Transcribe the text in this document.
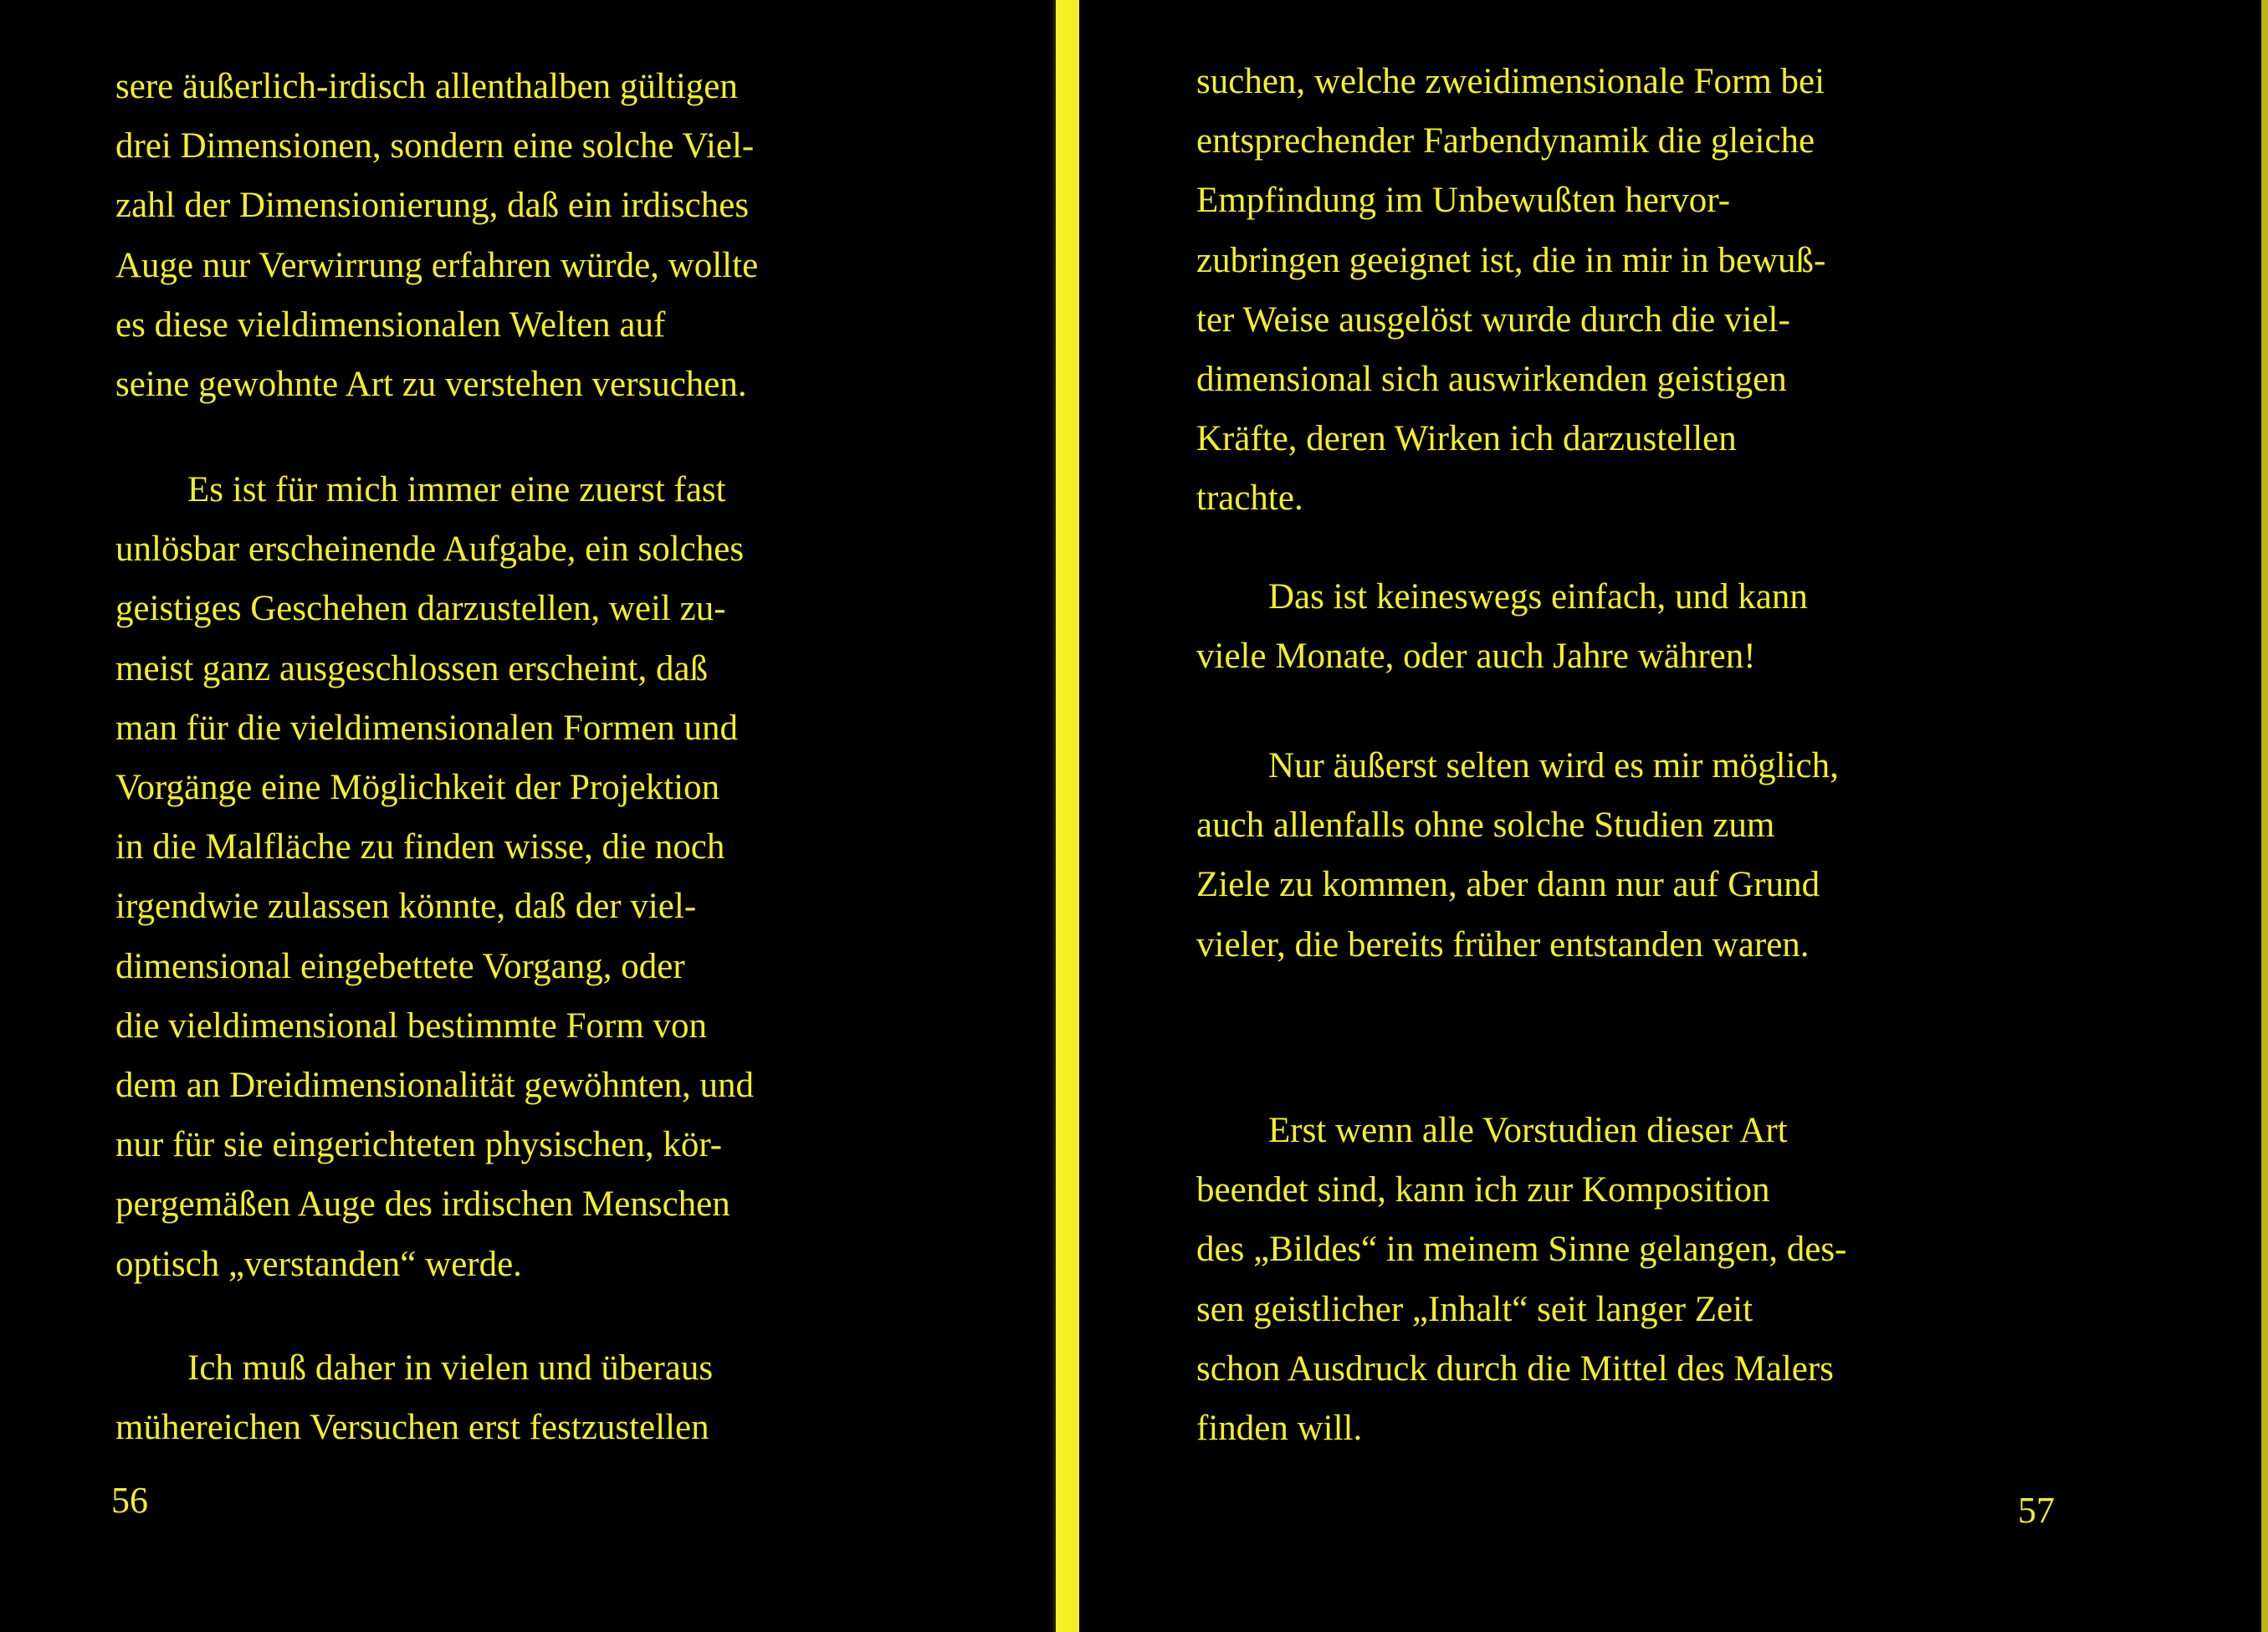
sere äußerlich-irdisch allenthalben gültigen
drei Dimensionen, sondern eine solche Viel-
zahl der Dimensionierung, daß ein irdisches
Auge nur Verwirrung erfahren würde, wollte
es diese vieldimensionalen Welten auf
seine gewohnte Art zu verstehen versuchen.
Es ist für mich immer eine zuerst fast
unlösbar erscheinende Aufgabe, ein solches
geistiges Geschehen darzustellen, weil zu-
meist ganz ausgeschlossen erscheint, daß
man für die vieldimensionalen Formen und
Vorgänge eine Möglichkeit der Projektion
in die Malfläche zu finden wisse, die noch
irgendwie zulassen könnte, daß der viel-
dimensional eingebettete Vorgang, oder
die vieldimensional bestimmte Form von
dem an Dreidimensionalität gewöhnten, und
nur für sie eingerichteten physischen, kör-
pergemäßen Auge des irdischen Menschen
optisch „verstanden“ werde.
Ich muß daher in vielen und überaus
mühereichen Versuchen erst festzustellen
56
suchen, welche zweidimensionale Form bei
entsprechender Farbendynamik die gleiche
Empfindung im Unbewußten hervor-
zubringen geeignet ist, die in mir in bewuß-
ter Weise ausgelöst wurde durch die viel-
dimensional sich auswirkenden geistigen
Kräfte, deren Wirken ich darzustellen
trachte.
Das ist keineswegs einfach, und kann
viele Monate, oder auch Jahre währen!
Nur äußerst selten wird es mir möglich,
auch allenfalls ohne solche Studien zum
Ziele zu kommen, aber dann nur auf Grund
vieler, die bereits früher entstanden waren.
Erst wenn alle Vorstudien dieser Art
beendet sind, kann ich zur Komposition
des „Bildes“ in meinem Sinne gelangen, des-
sen geistlicher „Inhalt“ seit langer Zeit
schon Ausdruck durch die Mittel des Malers
finden will.
57
